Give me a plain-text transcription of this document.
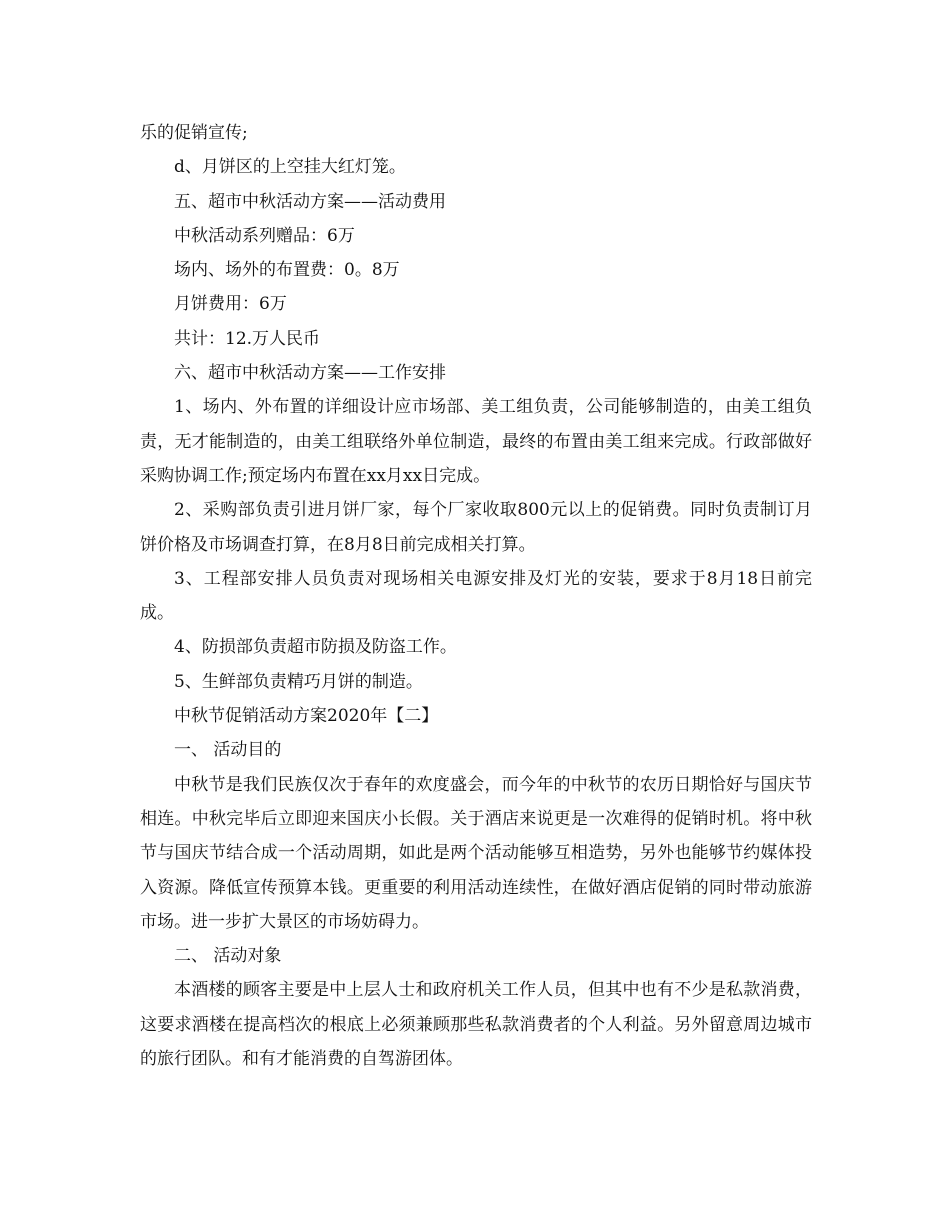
乐的促销宣传;

d、月饼区的上空挂大红灯笼。

五、超市中秋活动方案——活动费用

中秋活动系列赠品：6万

场内、场外的布置费：0。8万

月饼费用：6万

共计：12.万人民币

六、超市中秋活动方案——工作安排

1、场内、外布置的详细设计应市场部、美工组负责，公司能够制造的，由美工组负责，无才能制造的，由美工组联络外单位制造，最终的布置由美工组来完成。行政部做好采购协调工作;预定场内布置在xx月xx日完成。

2、采购部负责引进月饼厂家，每个厂家收取800元以上的促销费。同时负责制订月饼价格及市场调查打算，在8月8日前完成相关打算。

3、工程部安排人员负责对现场相关电源安排及灯光的安装，要求于8月18日前完成。

4、防损部负责超市防损及防盗工作。

5、生鲜部负责精巧月饼的制造。

中秋节促销活动方案2020年【二】

一、 活动目的

中秋节是我们民族仅次于春年的欢度盛会，而今年的中秋节的农历日期恰好与国庆节相连。中秋完毕后立即迎来国庆小长假。关于酒店来说更是一次难得的促销时机。将中秋节与国庆节结合成一个活动周期，如此是两个活动能够互相造势，另外也能够节约媒体投入资源。降低宣传预算本钱。更重要的利用活动连续性，在做好酒店促销的同时带动旅游市场。进一步扩大景区的市场妨碍力。

二、 活动对象

本酒楼的顾客主要是中上层人士和政府机关工作人员，但其中也有不少是私款消费，这要求酒楼在提高档次的根底上必须兼顾那些私款消费者的个人利益。另外留意周边城市的旅行团队。和有才能消费的自驾游团体。
